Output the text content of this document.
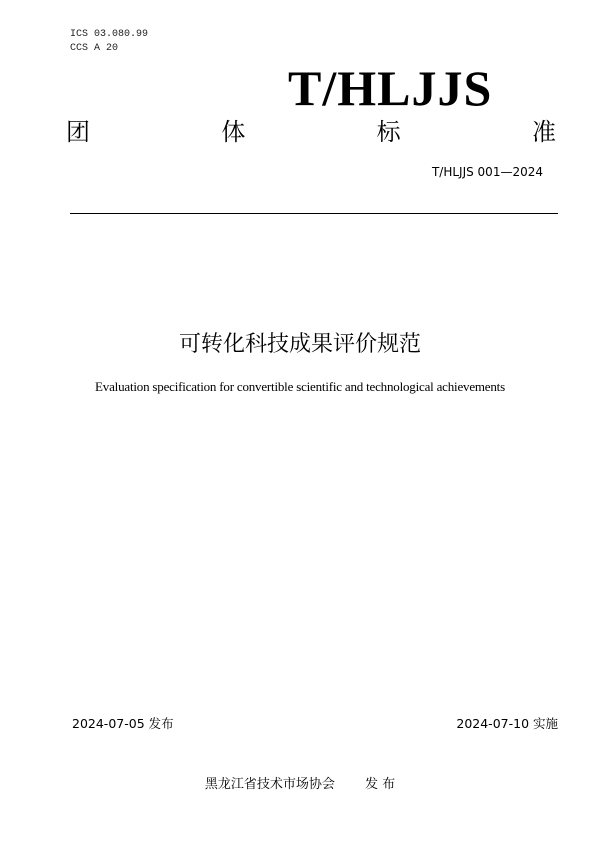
ICS 03.080.99
CCS A 20
T/HLJJS
团	体	标	准
T/HLJJS 001—2024
可转化科技成果评价规范
Evaluation specification for convertible scientific and technological achievements
2024-07-05 发布	2024-07-10 实施
黑龙江省技术市场协会 发 布
